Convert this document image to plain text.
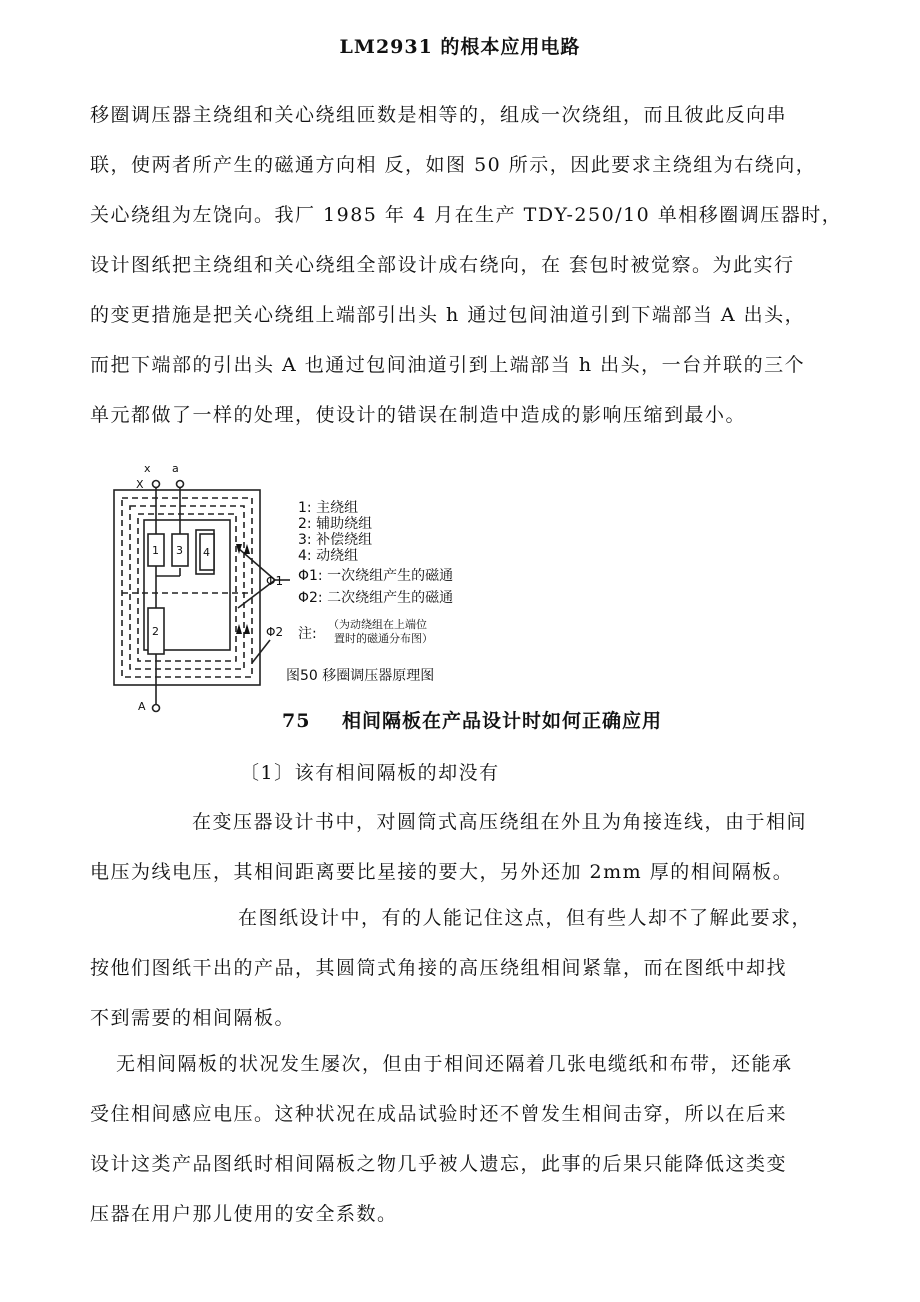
LM2931 的根本应用电路

移圈调压器主绕组和关心绕组匝数是相等的，组成一次绕组，而且彼此反向串
联，使两者所产生的磁通方向相 反，如图 50 所示，因此要求主绕组为右绕向，
关心绕组为左饶向。我厂 1985 年 4 月在生产 TDY-250/10 单相移圈调压器时，
设计图纸把主绕组和关心绕组全部设计成右绕向，在 套包时被觉察。为此实行
的变更措施是把关心绕组上端部引出头 h 通过包间油道引到下端部当 A 出头，
而把下端部的引出头 A 也通过包间油道引到上端部当 h 出头，一台并联的三个
单元都做了一样的处理，使设计的错误在制造中造成的影响压缩到最小。

x a
X
A
1 3 4
2
Φ1
Φ2
1: 主绕组
2: 辅助绕组
3: 补偿绕组
4: 动绕组
Φ1: 一次绕组产生的磁通
Φ2: 二次绕组产生的磁通
注:
（为动绕组在上端位
置时的磁通分布图）
图50 移圈调压器原理图
75 相间隔板在产品设计时如何正确应用
〔1〕该有相间隔板的却没有

在变压器设计书中，对圆筒式高压绕组在外且为角接连线，由于相间
电压为线电压，其相间距离要比星接的要大，另外还加 2mm 厚的相间隔板。

在图纸设计中，有的人能记住这点，但有些人却不了解此要求，
按他们图纸干出的产品，其圆筒式角接的高压绕组相间紧靠，而在图纸中却找
不到需要的相间隔板。

无相间隔板的状况发生屡次，但由于相间还隔着几张电缆纸和布带，还能承
受住相间感应电压。这种状况在成品试验时还不曾发生相间击穿，所以在后来
设计这类产品图纸时相间隔板之物几乎被人遗忘，此事的后果只能降低这类变
压器在用户那儿使用的安全系数。
